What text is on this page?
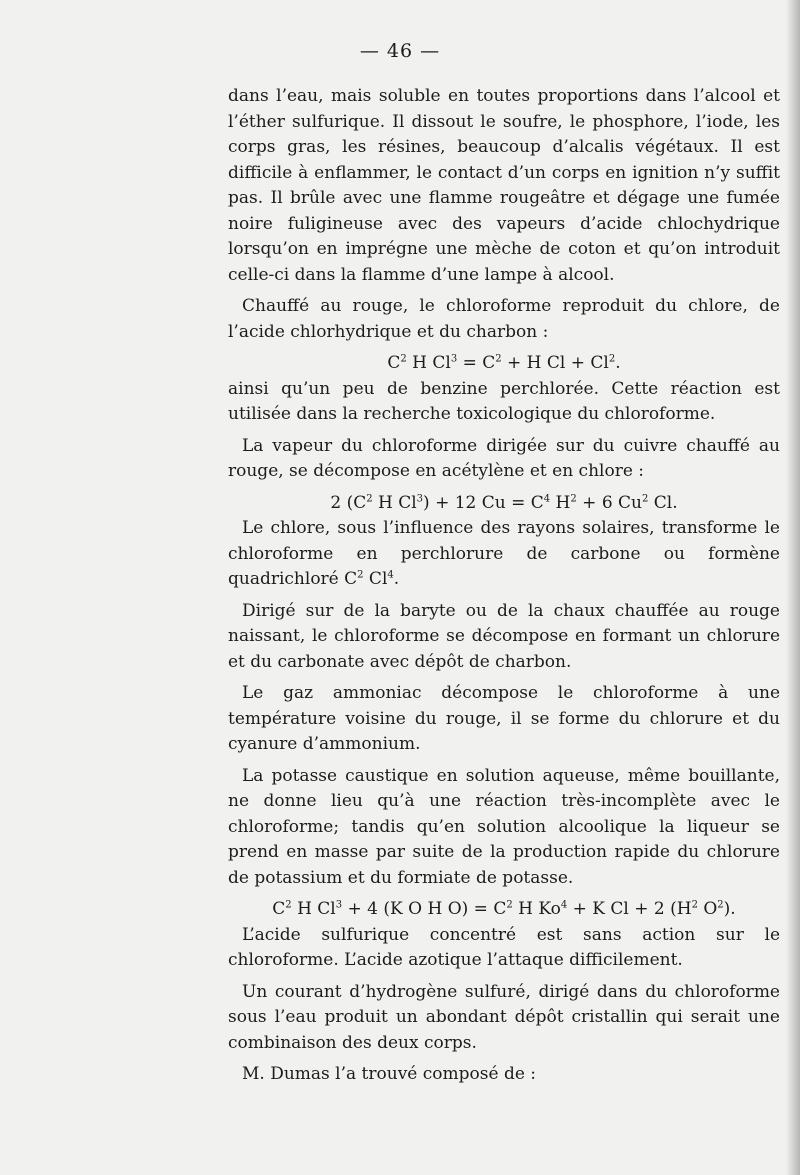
— 46 —

dans l’eau, mais soluble en toutes proportions dans l’alcool et l’éther sulfurique. Il dissout le soufre, le phosphore, l’iode, les corps gras, les résines, beaucoup d’alcalis végétaux. Il est difficile à enflammer, le contact d’un corps en ignition n’y suffit pas. Il brûle avec une flamme rougeâtre et dégage une fumée noire fuligineuse avec des vapeurs d’acide chlochydrique lorsqu’on en imprégne une mèche de coton et qu’on introduit celle-ci dans la flamme d’une lampe à alcool.

Chauffé au rouge, le chloroforme reproduit du chlore, de l’acide chlorhydrique et du charbon :

$C^2$ H $Cl^3 = C^2 + H$ $Cl + Cl^2$.

ainsi qu’un peu de benzine perchlorée. Cette réaction est utilisée dans la recherche toxicologique du chloroforme.

La vapeur du chloroforme dirigée sur du cuivre chauffé au rouge, se décompose en acétylène et en chlore :

2 ($C^2$ H $Cl^3) + 12$ $Cu = C^4$ $H^2 + 6$ Cu$^2$ Cl.

Le chlore, sous l’influence des rayons solaires, transforme le chloroforme en perchlorure de carbone ou formène quadrichloré $C^2$ Cl$^4$.

Dirigé sur de la baryte ou de la chaux chauffée au rouge naissant, le chloroforme se décompose en formant un chlorure et du carbonate avec dépôt de charbon.

Le gaz ammoniac décompose le chloroforme à une température voisine du rouge, il se forme du chlorure et du cyanure d’ammonium.

La potasse caustique en solution aqueuse, même bouillante, ne donne lieu qu’à une réaction très-incomplète avec le chloroforme; tandis qu’en solution alcoolique la liqueur se prend en masse par suite de la production rapide du chlorure de potassium et du formiate de potasse.

$C^2$ H $Cl^3 + 4$ (K O H $O) = C^2$ H $Ko^4 + K$ Cl + 2 ($H^2$ $O^2$).

L’acide sulfurique concentré est sans action sur le chloroforme. L’acide azotique l’attaque difficilement.

Un courant d’hydrogène sulfuré, dirigé dans du chloroforme sous l’eau produit un abondant dépôt cristallin qui serait une combinaison des deux corps.

M. Dumas l’a trouvé composé de :
